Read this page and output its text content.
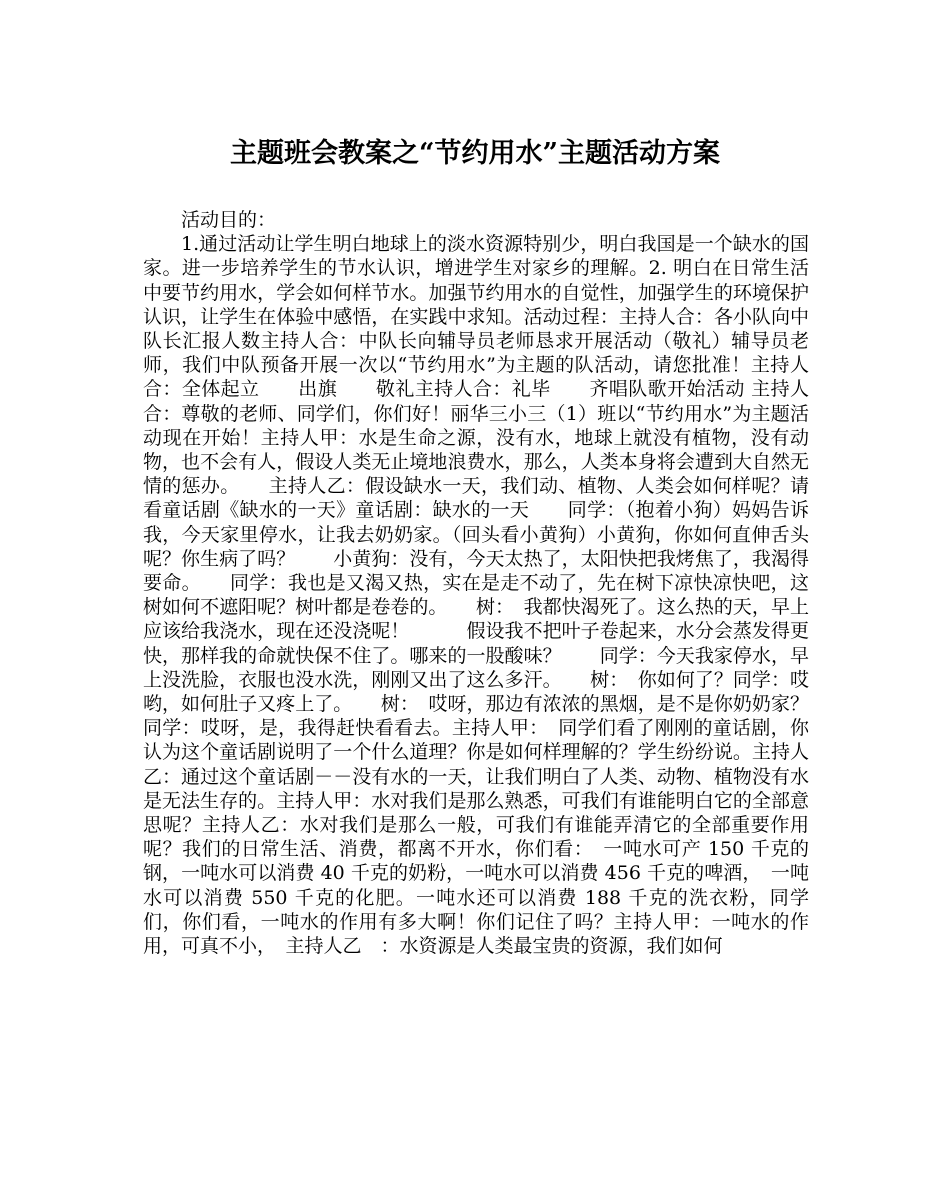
主题班会教案之“节约用水”主题活动方案

活动目的：

1.通过活动让学生明白地球上的淡水资源特别少，明白我国是一个缺水的国家。进一步培养学生的节水认识，增进学生对家乡的理解。2. 明白在日常生活中要节约用水，学会如何样节水。加强节约用水的自觉性，加强学生的环境保护认识，让学生在体验中感悟，在实践中求知。活动过程：主持人合：各小队向中队长汇报人数主持人合：中队长向辅导员老师恳求开展活动（敬礼）辅导员老师，我们中队预备开展一次以“节约用水”为主题的队活动，请您批准！主持人合：全体起立　　出旗　　敬礼主持人合：礼毕　　齐唱队歌开始活动 主持人合：尊敬的老师、同学们，你们好！丽华三小三（1）班以“节约用水”为主题活动现在开始！主持人甲：水是生命之源，没有水，地球上就没有植物，没有动物，也不会有人，假设人类无止境地浪费水，那么，人类本身将会遭到大自然无情的惩办。　　主持人乙：假设缺水一天，我们动、植物、人类会如何样呢？请看童话剧《缺水的一天》童话剧：缺水的一天　　同学：（抱着小狗）妈妈告诉我，今天家里停水，让我去奶奶家。（回头看小黄狗）小黄狗，你如何直伸舌头呢？你生病了吗？　　小黄狗：没有，今天太热了，太阳快把我烤焦了，我渴得要命。　　同学：我也是又渴又热，实在是走不动了，先在树下凉快凉快吧，这树如何不遮阳呢？树叶都是卷卷的。　　树：　我都快渴死了。这么热的天，早上应该给我浇水，现在还没浇呢！　　　假设我不把叶子卷起来，水分会蒸发得更快，那样我的命就快保不住了。哪来的一股酸味？　　同学：今天我家停水，早上没洗脸，衣服也没水洗，刚刚又出了这么多汗。　　树：　你如何了？同学：哎哟，如何肚子又疼上了。　　树：　哎呀，那边有浓浓的黑烟，是不是你奶奶家？同学：哎呀，是，我得赶快看看去。主持人甲：　同学们看了刚刚的童话剧，你认为这个童话剧说明了一个什么道理？你是如何样理解的？学生纷纷说。主持人乙：通过这个童话剧－－没有水的一天，让我们明白了人类、动物、植物没有水是无法生存的。主持人甲：水对我们是那么熟悉，可我们有谁能明白它的全部意思呢？主持人乙：水对我们是那么一般，可我们有谁能弄清它的全部重要作用呢？我们的日常生活、消费，都离不开水，你们看：　一吨水可产 150 千克的钢，一吨水可以消费 40 千克的奶粉，一吨水可以消费 456 千克的啤酒，　一吨水可以消费 550 千克的化肥。一吨水还可以消费 188 千克的洗衣粉，同学们，你们看，一吨水的作用有多大啊！你们记住了吗？主持人甲：一吨水的作用，可真不小，　主持人乙　：水资源是人类最宝贵的资源，我们如何
